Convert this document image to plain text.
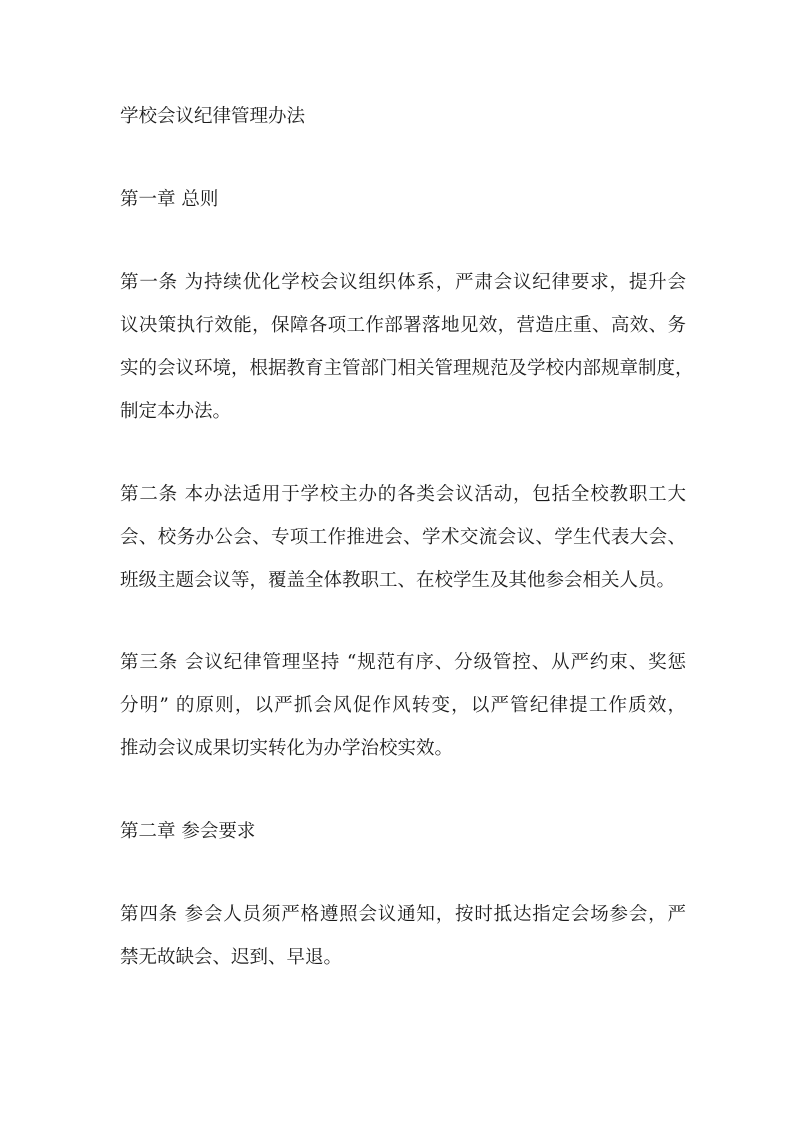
学校会议纪律管理办法
第一章 总则
第一条 为持续优化学校会议组织体系，严肃会议纪律要求，提升会
议决策执行效能，保障各项工作部署落地见效，营造庄重、高效、务
实的会议环境，根据教育主管部门相关管理规范及学校内部规章制度，
制定本办法。
第二条 本办法适用于学校主办的各类会议活动，包括全校教职工大
会、校务办公会、专项工作推进会、学术交流会议、学生代表大会、
班级主题会议等，覆盖全体教职工、在校学生及其他参会相关人员。
第三条 会议纪律管理坚持 “规范有序、分级管控、从严约束、奖惩
分明” 的原则，以严抓会风促作风转变，以严管纪律提工作质效，
推动会议成果切实转化为办学治校实效。
第二章 参会要求
第四条 参会人员须严格遵照会议通知，按时抵达指定会场参会，严
禁无故缺会、迟到、早退。
